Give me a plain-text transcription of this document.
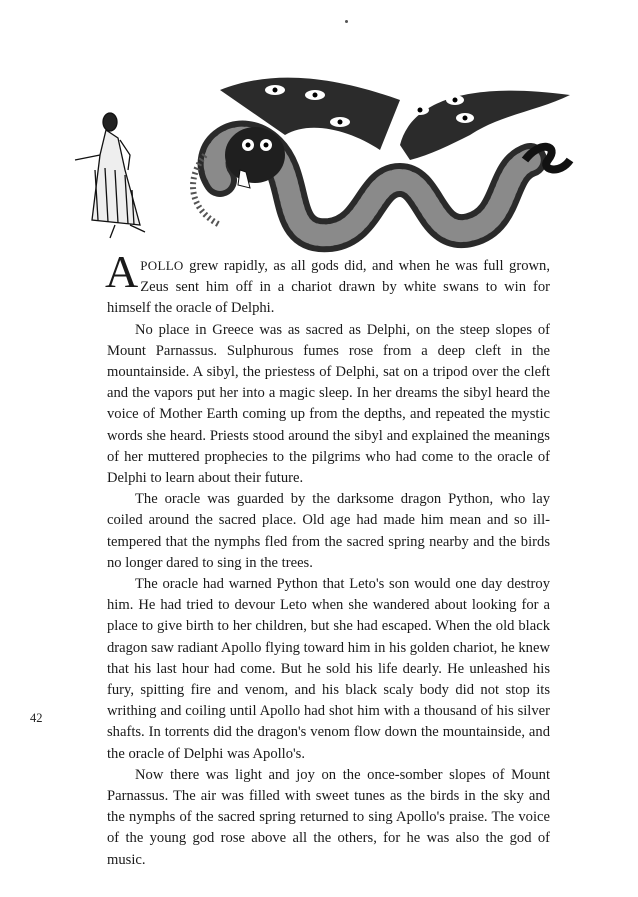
APOLLO grew rapidly, as all gods did, and when he was full grown, Zeus sent him off in a chariot drawn by white swans to win for himself the oracle of Delphi.

No place in Greece was as sacred as Delphi, on the steep slopes of Mount Parnassus. Sulphurous fumes rose from a deep cleft in the mountainside. A sibyl, the priestess of Delphi, sat on a tripod over the cleft and the vapors put her into a magic sleep. In her dreams the sibyl heard the voice of Mother Earth coming up from the depths, and repeated the mystic words she heard. Priests stood around the sibyl and explained the meanings of her muttered prophecies to the pilgrims who had come to the oracle of Delphi to learn about their future.

The oracle was guarded by the darksome dragon Python, who lay coiled around the sacred place. Old age had made him mean and so ill-tempered that the nymphs fled from the sacred spring nearby and the birds no longer dared to sing in the trees.

The oracle had warned Python that Leto's son would one day destroy him. He had tried to devour Leto when she wandered about looking for a place to give birth to her children, but she had escaped. When the old black dragon saw radiant Apollo flying toward him in his golden chariot, he knew that his last hour had come. But he sold his life dearly. He unleashed his fury, spitting fire and venom, and his black scaly body did not stop its writhing and coiling until Apollo had shot him with a thousand of his silver shafts. In torrents did the dragon's venom flow down the mountainside, and the oracle of Delphi was Apollo's.

Now there was light and joy on the once-somber slopes of Mount Parnassus. The air was filled with sweet tunes as the birds in the sky and the nymphs of the sacred spring returned to sing Apollo's praise. The voice of the young god rose above all the others, for he was also the god of music.

42
